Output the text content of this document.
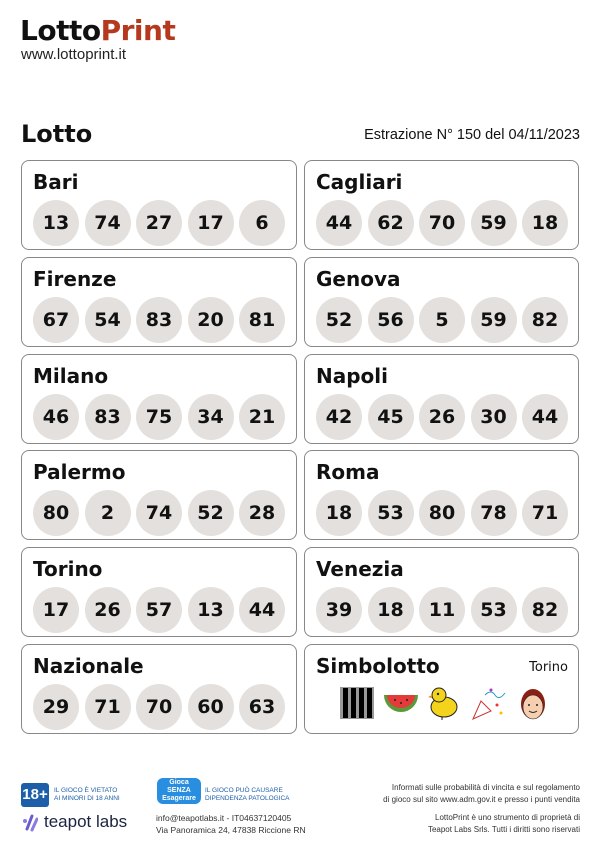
LottoPrint
www.lottoprint.it
Lotto	Estrazione N° 150 del 04/11/2023
Bari
13	74	27	17	6
Cagliari
44	62	70	59	18
Firenze
67	54	83	20	81
Genova
52	56	5	59	82
Milano
46	83	75	34	21
Napoli
42	45	26	30	44
Palermo
80	2	74	52	28
Roma
18	53	80	78	71
Torino
17	26	57	13	44
Venezia
39	18	11	53	82
Nazionale
29	71	70	60	63
Simbolotto	Torino
18+ IL GIOCO È VIETATO
AI MINORI DI 18 ANNI
Gioca SENZA Esagerare
IL GIOCO PUÒ CAUSARE
DIPENDENZA PATOLOGICA
teapot labs	info@teapotlabs.it - IT04637120405
Via Panoramica 24, 47838 Riccione RN
Informati sulle probabilità di vincita e sul regolamento
di gioco sul sito www.adm.gov.it e presso i punti vendita
LottoPrint è uno strumento di proprietà di
Teapot Labs Srls. Tutti i diritti sono riservati
